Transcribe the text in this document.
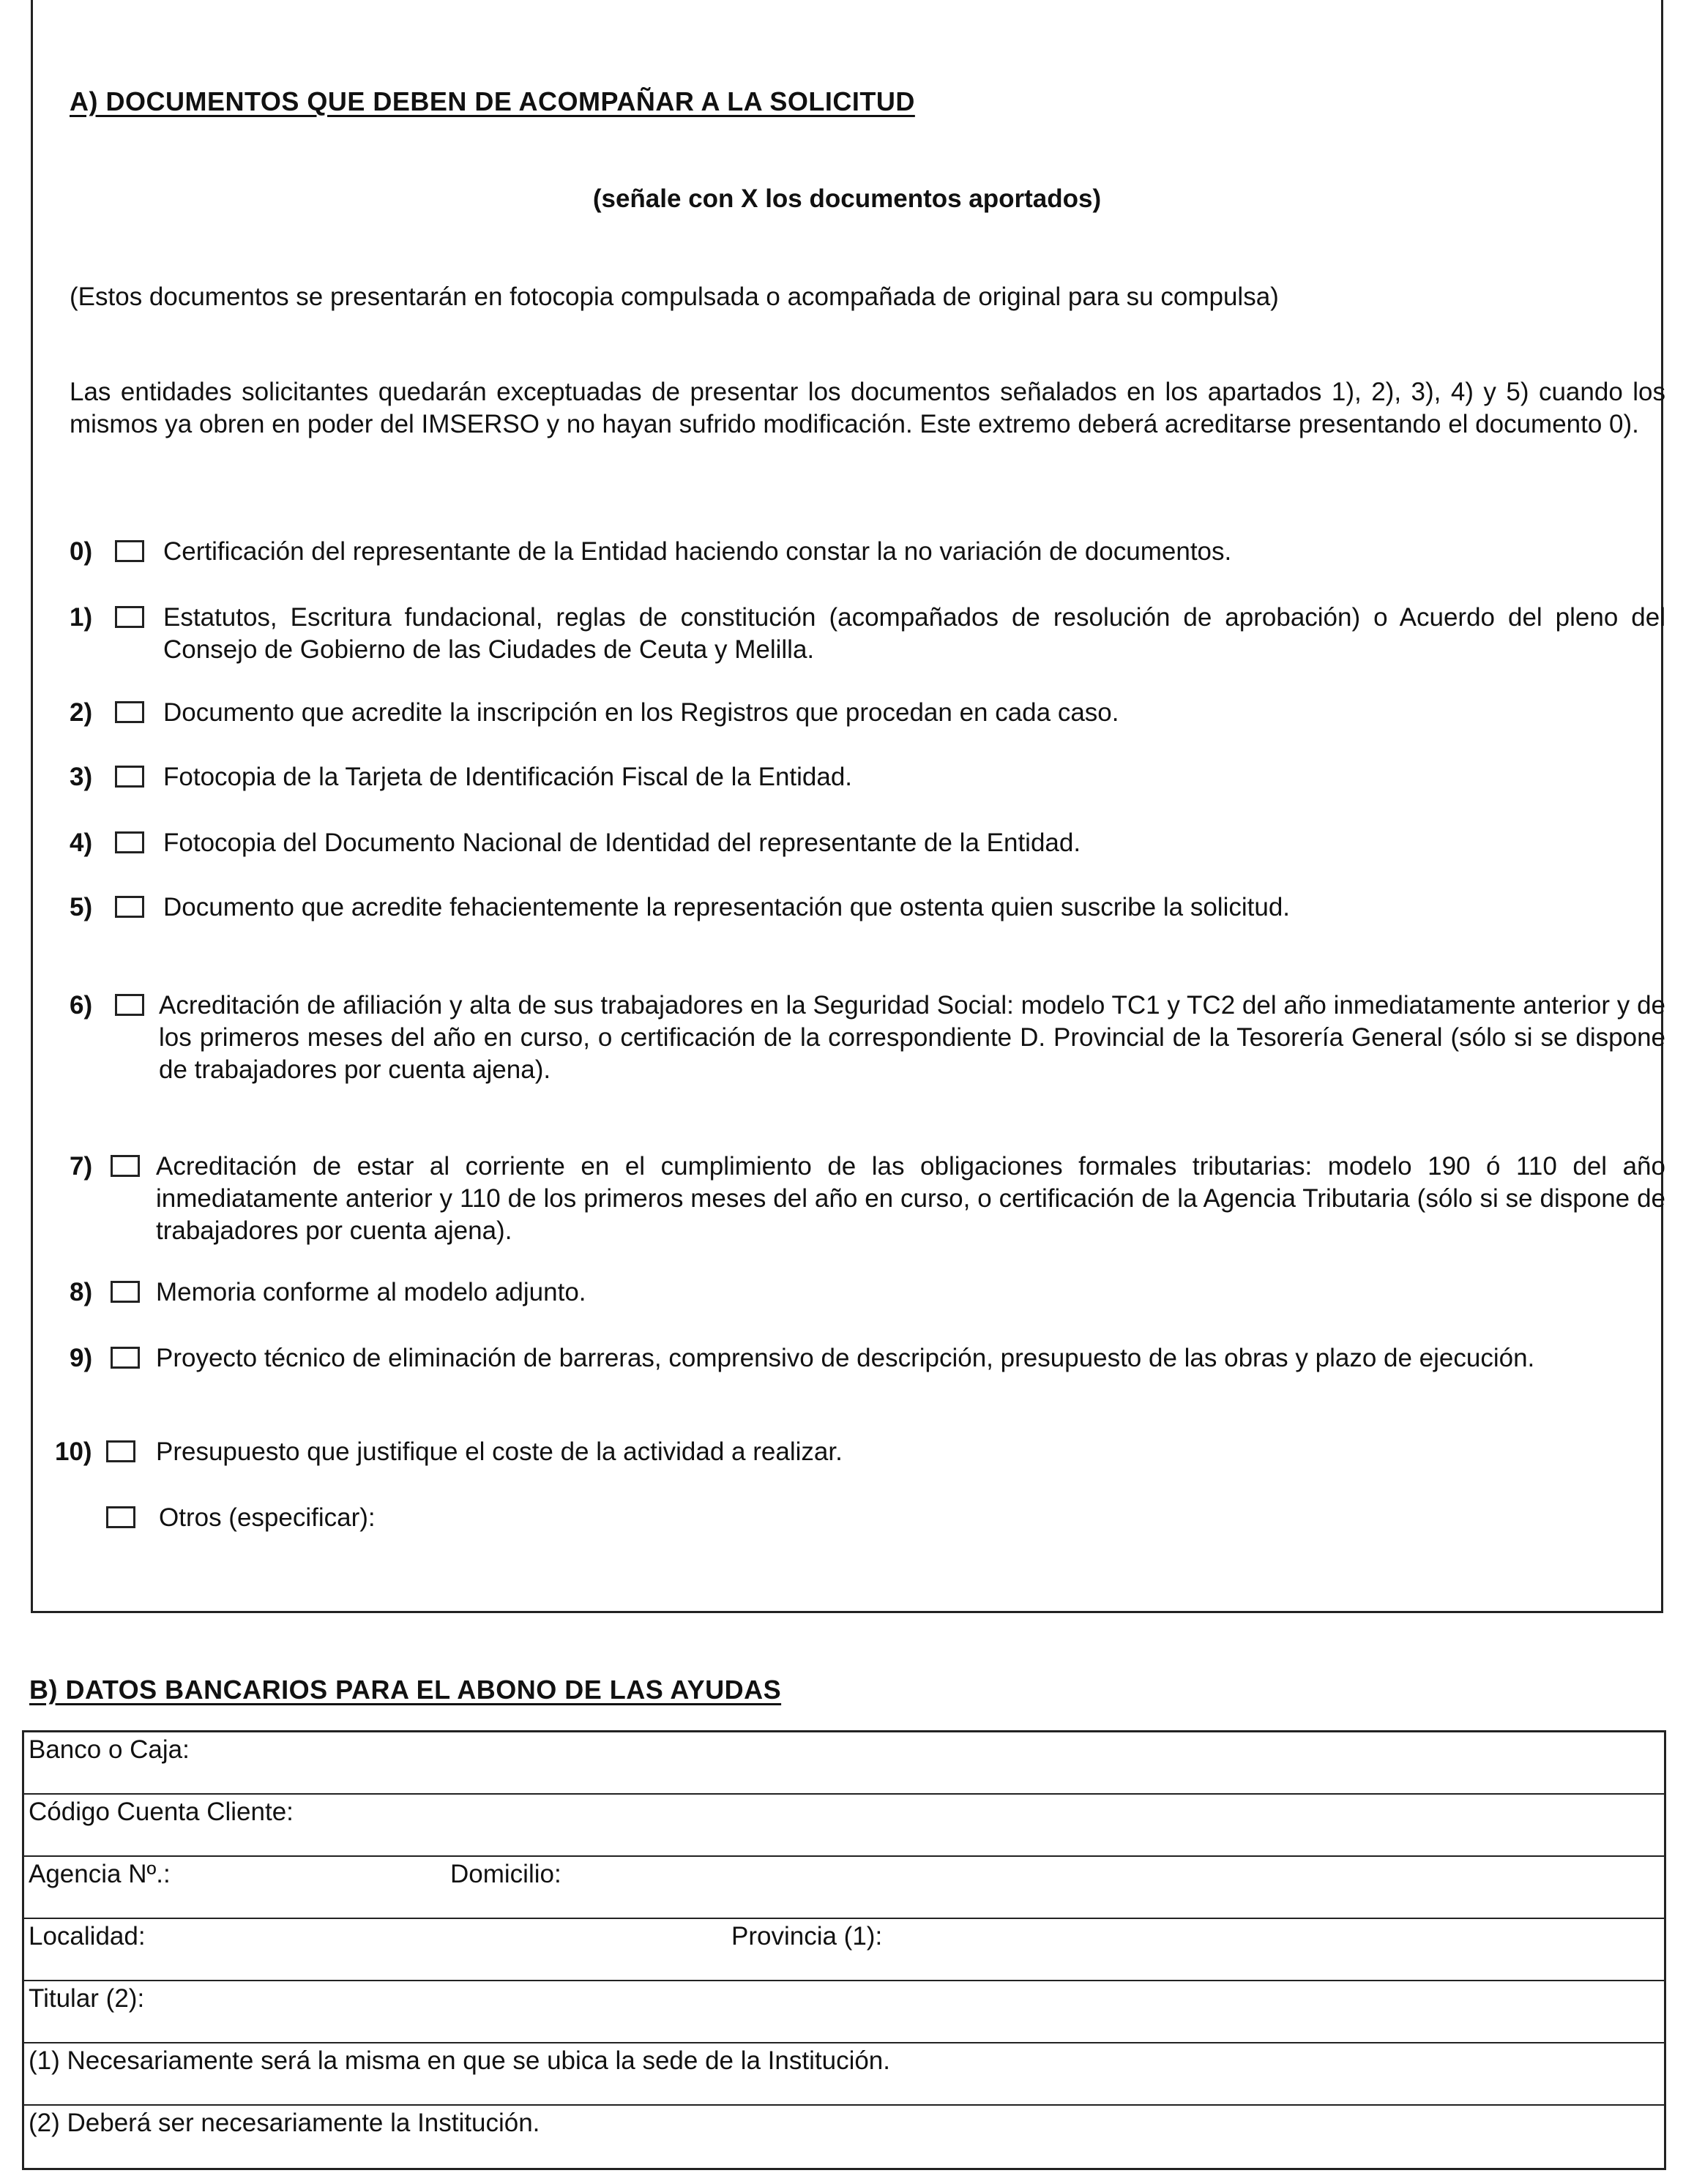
A) DOCUMENTOS QUE DEBEN DE ACOMPAÑAR A LA SOLICITUD
(señale con X los documentos aportados)
(Estos documentos se presentarán en fotocopia compulsada o acompañada de original para su compulsa)
Las entidades solicitantes quedarán exceptuadas de presentar los documentos señalados en los apartados 1), 2), 3), 4) y 5) cuando los mismos ya obren en poder del IMSERSO y no hayan sufrido modificación. Este extremo deberá acreditarse presentando el documento 0).
0)	Certificación del representante de la Entidad haciendo constar la no variación de documentos.
1)	Estatutos, Escritura fundacional, reglas de constitución (acompañados de resolución de aprobación) o Acuerdo del pleno del Consejo de Gobierno de las Ciudades de Ceuta y Melilla.
2)	Documento que acredite la inscripción en los Registros que procedan en cada caso.
3)	Fotocopia de la Tarjeta de Identificación Fiscal de la Entidad.
4)	Fotocopia del Documento Nacional de Identidad del representante de la Entidad.
5)	Documento que acredite fehacientemente la representación que ostenta quien suscribe la solicitud.
6)	Acreditación de afiliación y alta de sus trabajadores en la Seguridad Social: modelo TC1 y TC2 del año inmediatamente anterior y de los primeros meses del año en curso, o certificación de la correspondiente D. Provincial de la Tesorería General (sólo si se dispone de trabajadores por cuenta ajena).
7) Acreditación de estar al corriente en el cumplimiento de las obligaciones formales tributarias: modelo 190 ó 110 del año inmediatamente anterior y 110 de los primeros meses del año en curso, o certificación de la Agencia Tributaria (sólo si se dispone de trabajadores por cuenta ajena).
8) Memoria conforme al modelo adjunto.
9) Proyecto técnico de eliminación de barreras, comprensivo de descripción, presupuesto de las obras y plazo de ejecución.
10) Presupuesto que justifique el coste de la actividad a realizar.
Otros (especificar):
B) DATOS BANCARIOS PARA EL ABONO DE LAS AYUDAS
Banco o Caja:
Código Cuenta Cliente:
Agencia Nº.:	Domicilio:
Localidad:	Provincia (1):
Titular (2):
(1) Necesariamente será la misma en que se ubica la sede de la Institución.
(2) Deberá ser necesariamente la Institución.
